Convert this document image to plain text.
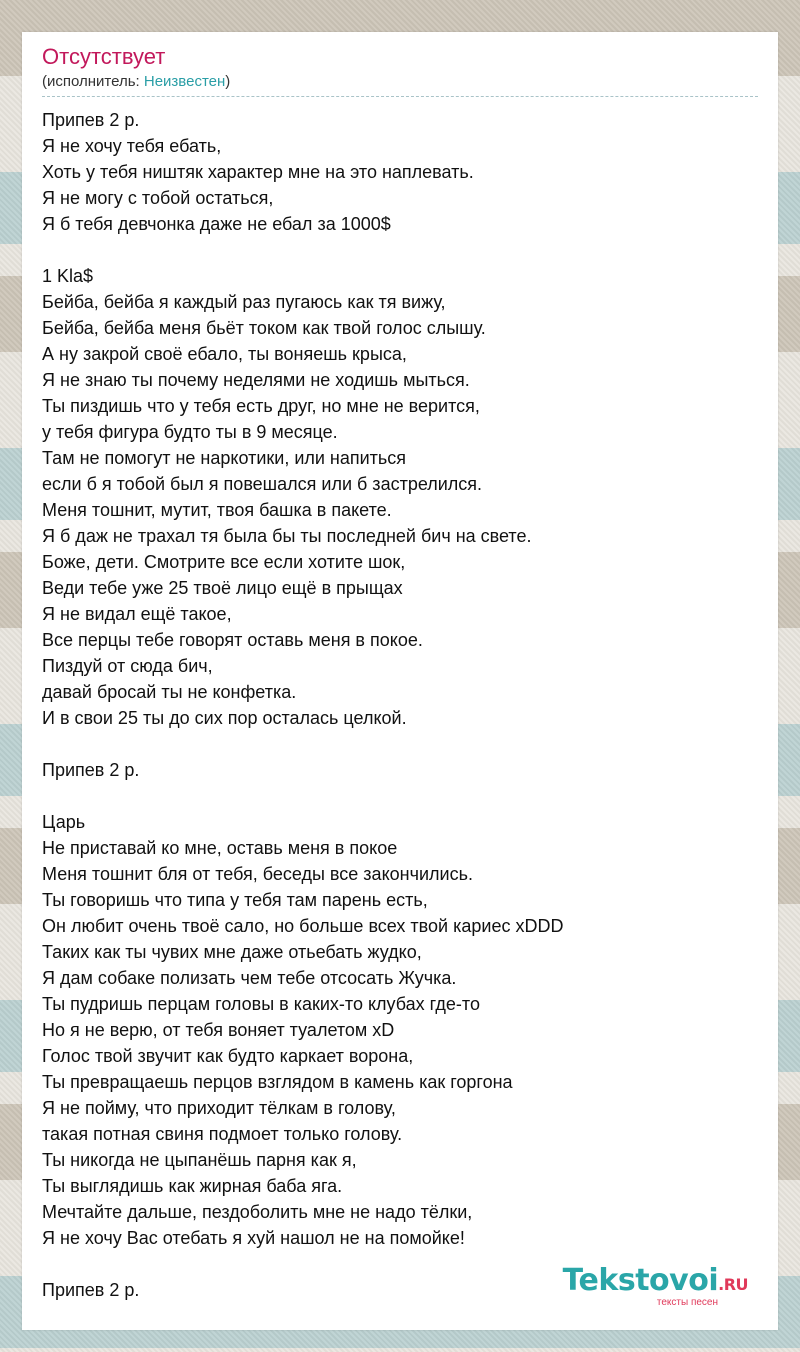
Отсутствует
(исполнитель: Неизвестен)
Припев 2 р.
Я не хочу тебя ебать,
Хоть у тебя ништяк характер мне на это наплевать.
Я не могу с тобой остаться,
Я б тебя девчонка даже не ебал за 1000$
1 Kla$
Бейба, бейба я каждый раз пугаюсь как тя вижу,
Бейба, бейба меня бьёт током как твой голос слышу.
А ну закрой своё ебало, ты воняешь крыса,
Я не знаю ты почему неделями не ходишь мыться.
Ты пиздишь что у тебя есть друг, но мне не верится,
у тебя фигура будто ты в 9 месяце.
Там не помогут не наркотики, или напиться
если б я тобой был я повешался или б застрелился.
Меня тошнит, мутит, твоя башка в пакете.
Я б даж не трахал тя была бы ты последней бич на свете.
Боже, дети. Смотрите все если хотите шок,
Веди тебе уже 25 твоё лицо ещё в прыщах
Я не видал ещё такое,
Все перцы тебе говорят оставь меня в покое.
Пиздуй от сюда бич,
давай бросай ты не конфетка.
И в свои 25 ты до сих пор осталась целкой.
Припев 2 р.
Царь
Не приставай ко мне, оставь меня в покое
Меня тошнит бля от тебя, беседы все закончились.
Ты говоришь что типа у тебя там парень есть,
Он любит очень твоё сало, но больше всех твой кариес xDDD
Таких как ты чувих мне даже отьебать жудко,
Я дам собаке полизать чем тебе отсосать Жучка.
Ты пудришь перцам головы в каких-то клубах где-то
Но я не верю, от тебя воняет туалетом xD
Голос твой звучит как будто каркает ворона,
Ты превращаешь перцов взглядом в камень как горгона
Я не пойму, что приходит тёлкам в голову,
такая потная свиня подмоет только голову.
Ты никогда не цыпанёшь парня как я,
Ты выглядишь как жирная баба яга.
Мечтайте дальше, пездоболить мне не надо тёлки,
Я не хочу Вас отебать я хуй нашол не на помойке!
Припев 2 р.	Tekstovoi.RU
тексты песен
